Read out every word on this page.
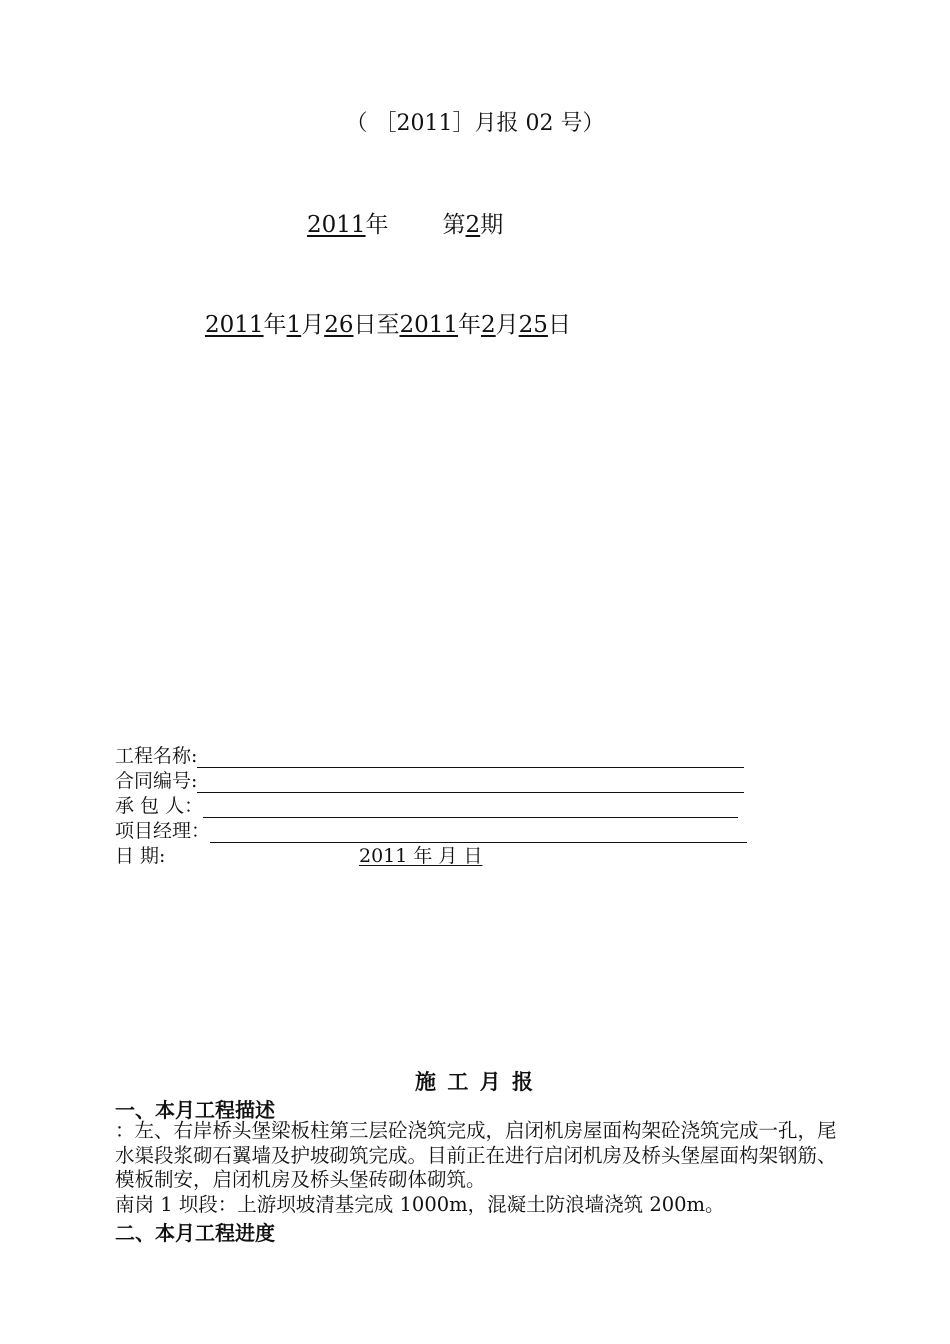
（ ［2011］月报 02 号）
2011年 第2期
2011年1月26日至2011年2月25日
工程名称:
合同编号:
承 包 人：
项目经理：
日 期:	2011 年 月 日
施 工 月 报
一、本月工程描述

：左、右岸桥头堡梁板柱第三层砼浇筑完成，启闭机房屋面构架砼浇筑完成一孔，尾水渠段浆砌石翼墙及护坡砌筑完成。目前正在进行启闭机房及桥头堡屋面构架钢筋、模板制安，启闭机房及桥头堡砖砌体砌筑。

南岗 1 坝段：上游坝坡清基完成 1000m，混凝土防浪墙浇筑 200m。

二、本月工程进度
